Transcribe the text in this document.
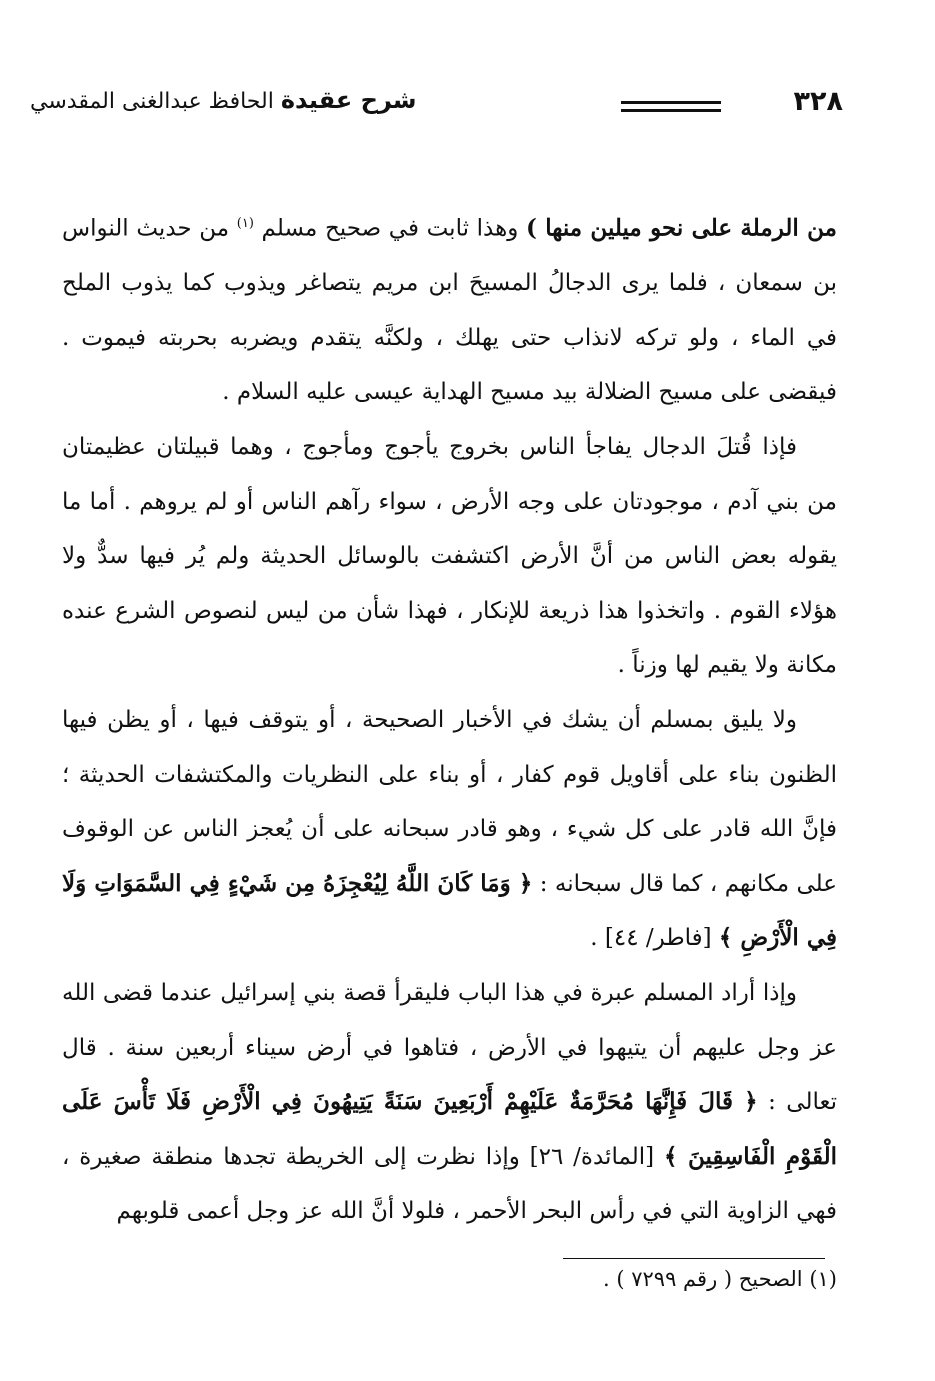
٣٢٨
شرح عقيدة الحافظ عبدالغنى المقدسي

من الرملة على نحو ميلين منها ) وهذا ثابت في صحيح مسلم $^{(١)}$ من حديث النواس بن سمعان ، فلما يرى الدجالُ المسيحَ ابن مريم يتصاغر ويذوب كما يذوب الملح في الماء ، ولو تركه لانذاب حتى يهلك ، ولكنَّه يتقدم ويضربه بحربته فيموت . فيقضى على مسيح الضلالة بيد مسيح الهداية عيسى عليه السلام .

فإذا قُتلَ الدجال يفاجأ الناس بخروج يأجوج ومأجوج ، وهما قبيلتان عظيمتان من بني آدم ، موجودتان على وجه الأرض ، سواء رآهم الناس أو لم يروهم . أما ما يقوله بعض الناس من أنَّ الأرض اكتشفت بالوسائل الحديثة ولم يُر فيها سدٌّ ولا هؤلاء القوم . واتخذوا هذا ذريعة للإنكار ، فهذا شأن من ليس لنصوص الشرع عنده مكانة ولا يقيم لها وزناً .

ولا يليق بمسلم أن يشك في الأخبار الصحيحة ، أو يتوقف فيها ، أو يظن فيها الظنون بناء على أقاويل قوم كفار ، أو بناء على النظريات والمكتشفات الحديثة ؛ فإنَّ الله قادر على كل شيء ، وهو قادر سبحانه على أن يُعجز الناس عن الوقوف على مكانهم ، كما قال سبحانه : ﴿ وَمَا كَانَ اللَّهُ لِيُعْجِزَهُ مِن شَيْءٍ فِي السَّمَوَاتِ وَلَا فِي الْأَرْضِ ﴾ [فاطر/ ٤٤] .

وإذا أراد المسلم عبرة في هذا الباب فليقرأ قصة بني إسرائيل عندما قضى الله عز وجل عليهم أن يتيهوا في الأرض ، فتاهوا في أرض سيناء أربعين سنة . قال تعالى : ﴿ قَالَ فَإِنَّهَا مُحَرَّمَةٌ عَلَيْهِمْ أَرْبَعِينَ سَنَةً يَتِيهُونَ فِي الْأَرْضِ فَلَا تَأْسَ عَلَى الْقَوْمِ الْفَاسِقِينَ ﴾ [المائدة/ ٢٦] وإذا نظرت إلى الخريطة تجدها منطقة صغيرة ، فهي الزاوية التي في رأس البحر الأحمر ، فلولا أنَّ الله عز وجل أعمى قلوبهم

(١) الصحيح ( رقم ٧٢٩٩ ) .
